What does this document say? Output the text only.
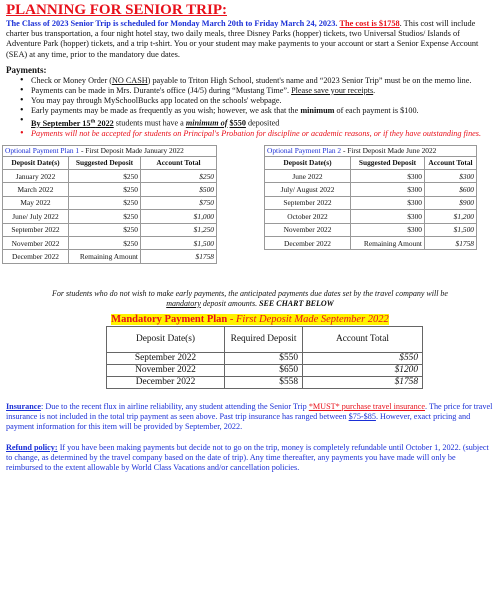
PLANNING FOR SENIOR TRIP:

The Class of 2023 Senior Trip is scheduled for Monday March 20th to Friday March 24, 2023. The cost is $1758. This cost will include charter bus transportation, a four night hotel stay, two daily meals, three Disney Parks (hopper) tickets, two Universal Studios/ Islands of Adventure Park (hopper) tickets, and a trip t-shirt. You or your student may make payments to your account or start a Senior Expense Account (SEA) at any time, prior to the mandatory due dates.

Payments:
• Check or Money Order (NO CASH) payable to Triton High School, student's name and “2023 Senior Trip” must be on the memo line.
• Payments can be made in Mrs. Durante's office (J4/5) during “Mustang Time”. Please save your receipts.
• You may pay through MySchoolBucks app located on the schools' webpage.
• Early payments may be made as frequently as you wish; however, we ask that the minimum of each payment is $100.
• By September 15th 2022 students must have a minimum of $550 deposited
• Payments will not be accepted for students on Principal's Probation for discipline or academic reasons, or if they have outstanding fines.
Optional Payment Plan 1 - First Deposit Made January 2022
Deposit Date(s)	Suggested Deposit	Account Total
January 2022	$250	$250
March 2022	$250	$500
May 2022	$250	$750
June/ July 2022	$250	$1,000
September 2022	$250	$1,250
November 2022	$250	$1,500
December 2022	Remaining Amount	$1758
Optional Payment Plan 2 - First Deposit Made June 2022
Deposit Date(s)	Suggested Deposit	Account Total
June 2022	$300	$300
July/ August 2022	$300	$600
September 2022	$300	$900
October 2022	$300	$1,200
November 2022	$300	$1,500
December 2022	Remaining Amount	$1758

For students who do not wish to make early payments, the anticipated payments due dates set by the travel company will be mandatory deposit amounts. SEE CHART BELOW

Mandatory Payment Plan - First Deposit Made September 2022
Deposit Date(s)	Required Deposit	Account Total
September 2022	$550	$550
November 2022	$650	$1200
December 2022	$558	$1758

Insurance: Due to the recent flux in airline reliability, any student attending the Senior Trip *MUST* purchase travel insurance. The price for travel insurance is not included in the total trip payment as seen above. Past trip insurance has ranged between $75-$85. However, exact pricing and payment information for this item will be provided by September, 2022.

Refund policy: If you have been making payments but decide not to go on the trip, money is completely refundable until October 1, 2022. (subject to change, as determined by the travel company based on the date of trip). Any time thereafter, any payments you have made will only be reimbursed to the extent allowable by World Class Vacations and/or cancellation policies.
